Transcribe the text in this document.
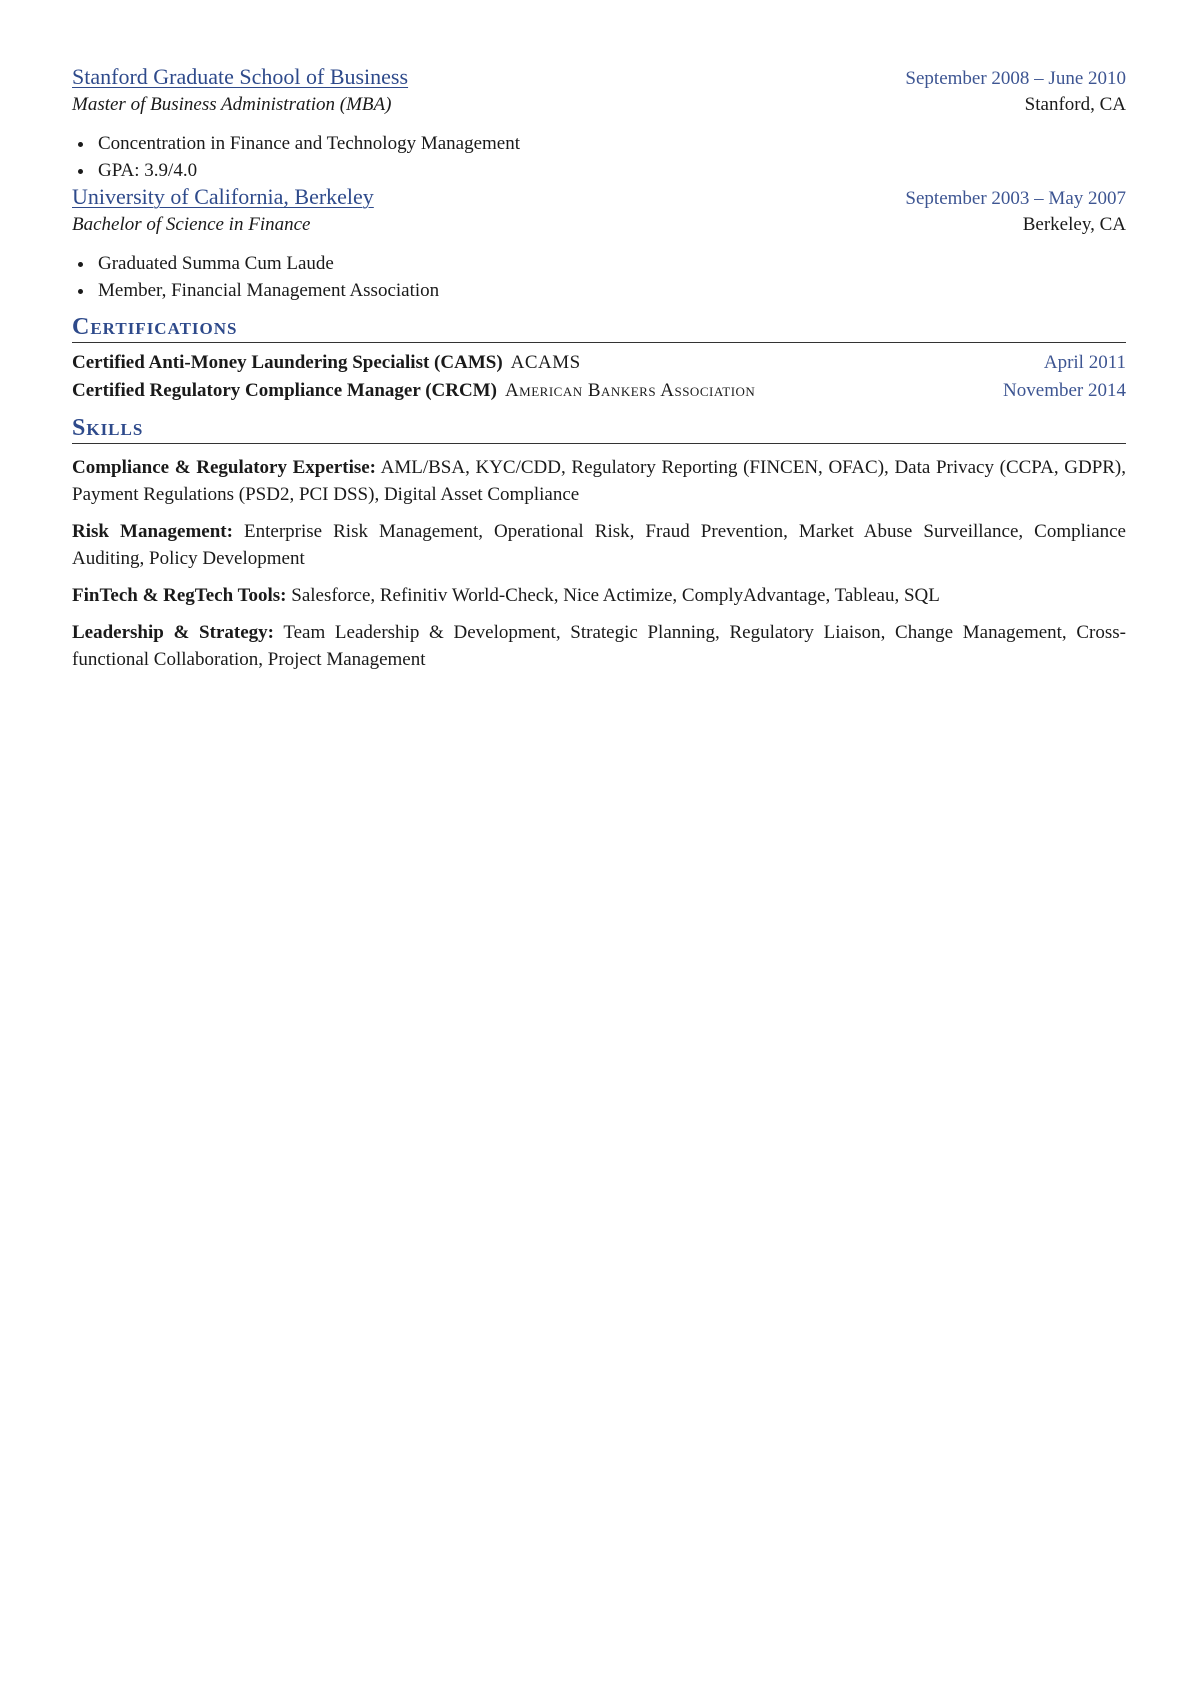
Stanford Graduate School of Business	September 2008 – June 2010
Master of Business Administration (MBA)	Stanford, CA
Concentration in Finance and Technology Management
GPA: 3.9/4.0
University of California, Berkeley	September 2003 – May 2007
Bachelor of Science in Finance	Berkeley, CA
Graduated Summa Cum Laude
Member, Financial Management Association
Certifications
Certified Anti-Money Laundering Specialist (CAMS) ACAMS	April 2011
Certified Regulatory Compliance Manager (CRCM) American Bankers Association	November 2014
Skills
Compliance & Regulatory Expertise: AML/BSA, KYC/CDD, Regulatory Reporting (FINCEN, OFAC), Data Privacy (CCPA, GDPR), Payment Regulations (PSD2, PCI DSS), Digital Asset Compliance
Risk Management: Enterprise Risk Management, Operational Risk, Fraud Prevention, Market Abuse Surveillance, Compliance Auditing, Policy Development
FinTech & RegTech Tools: Salesforce, Refinitiv World-Check, Nice Actimize, ComplyAdvantage, Tableau, SQL
Leadership & Strategy: Team Leadership & Development, Strategic Planning, Regulatory Liaison, Change Management, Cross-functional Collaboration, Project Management
